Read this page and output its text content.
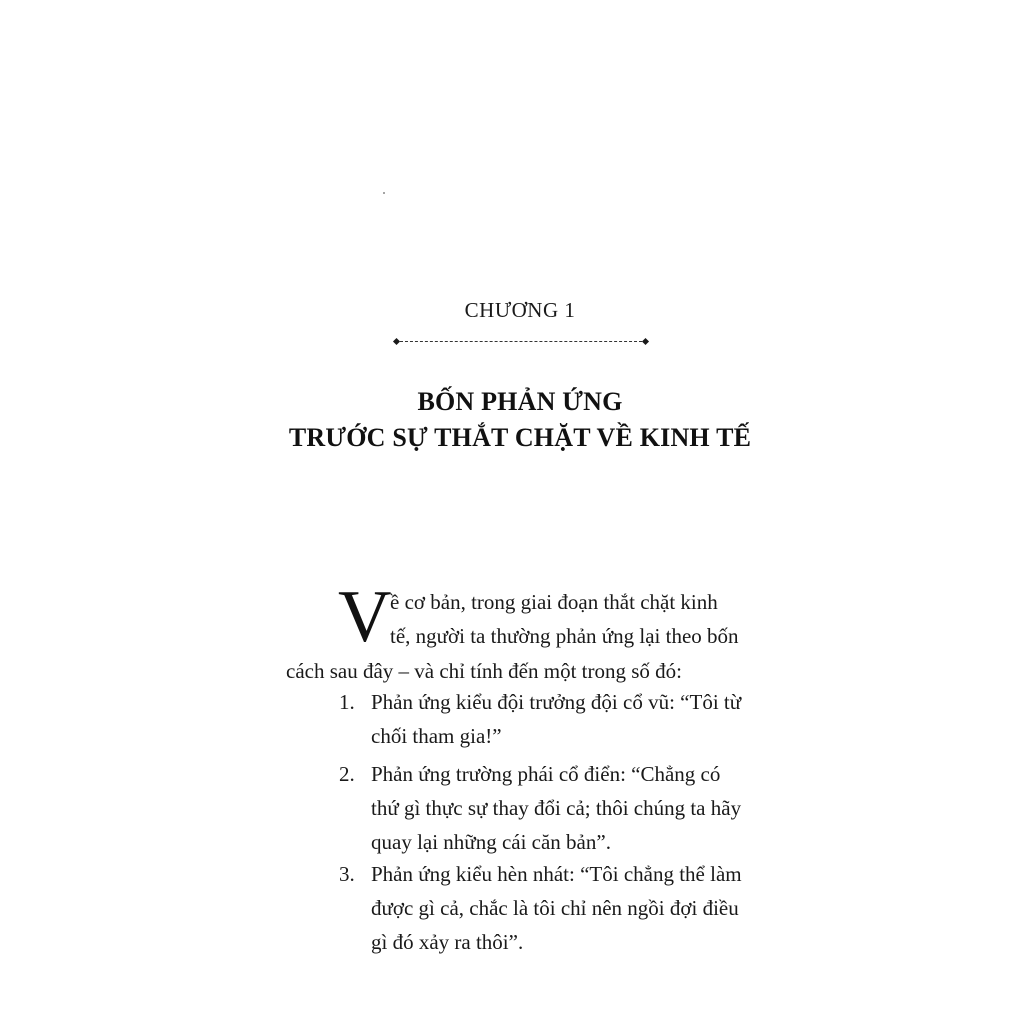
CHƯƠNG 1
BỐN PHẢN ỨNG
TRƯỚC SỰ THẮT CHẶT VỀ KINH TẾ
V
ề cơ bản, trong giai đoạn thắt chặt kinh
tế, người ta thường phản ứng lại theo bốn
cách sau đây – và chỉ tính đến một trong số đó:
1. Phản ứng kiểu đội trưởng đội cổ vũ: “Tôi từ
chối tham gia!”
2. Phản ứng trường phái cổ điển: “Chẳng có
thứ gì thực sự thay đổi cả; thôi chúng ta hãy
quay lại những cái căn bản”.
3. Phản ứng kiểu hèn nhát: “Tôi chẳng thể làm
được gì cả, chắc là tôi chỉ nên ngồi đợi điều
gì đó xảy ra thôi”.
